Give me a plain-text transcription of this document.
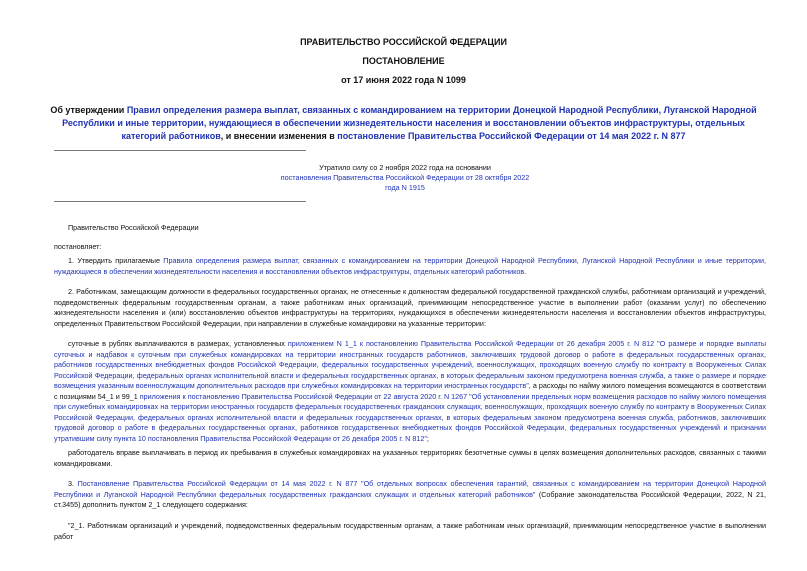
ПРАВИТЕЛЬСТВО РОССИЙСКОЙ ФЕДЕРАЦИИ
ПОСТАНОВЛЕНИЕ
от 17 июня 2022 года N 1099
Об утверждении Правил определения размера выплат, связанных с командированием на территории Донецкой Народной Республики, Луганской Народной Республики и иные территории, нуждающиеся в обеспечении жизнедеятельности населения и восстановлении объектов инфраструктуры, отдельных категорий работников, и внесении изменения в постановление Правительства Российской Федерации от 14 мая 2022 г. N 877
Утратило силу со 2 ноября 2022 года на основании
постановления Правительства Российской Федерации от 28 октября 2022 года N 1915
Правительство Российской Федерации
постановляет:
1. Утвердить прилагаемые Правила определения размера выплат, связанных с командированием на территории Донецкой Народной Республики, Луганской Народной Республики и иные территории, нуждающиеся в обеспечении жизнедеятельности населения и восстановлении объектов инфраструктуры, отдельных категорий работников.
2. Работникам, замещающим должности в федеральных государственных органах, не отнесенные к должностям федеральной государственной гражданской службы, работникам организаций и учреждений, подведомственных федеральным государственным органам, а также работникам иных организаций, принимающим непосредственное участие в выполнении работ (оказании услуг) по обеспечению жизнедеятельности населения и (или) восстановлению объектов инфраструктуры на территориях, нуждающихся в обеспечении жизнедеятельности населения и восстановлении объектов инфраструктуры, определенных Правительством Российской Федерации, при направлении в служебные командировки на указанные территории:
суточные в рублях выплачиваются в размерах, установленных приложением N 1_1 к постановлению Правительства Российской Федерации от 26 декабря 2005 г. N 812 "О размере и порядке выплаты суточных и надбавок к суточным при служебных командировках на территории иностранных государств работников, заключивших трудовой договор о работе в федеральных государственных органах, работников государственных внебюджетных фондов Российской Федерации, федеральных государственных учреждений, военнослужащих, проходящих военную службу по контракту в Вооруженных Силах Российской Федерации, федеральных органах исполнительной власти и федеральных государственных органах, в которых федеральным законом предусмотрена военная служба, а также о размере и порядке возмещения указанным военнослужащим дополнительных расходов при служебных командировках на территории иностранных государств", а расходы по найму жилого помещения возмещаются в соответствии с позициями 54_1 и 99_1 приложения к постановлению Правительства Российской Федерации от 22 августа 2020 г. N 1267 "Об установлении предельных норм возмещения расходов по найму жилого помещения при служебных командировках на территории иностранных государств федеральных государственных гражданских служащих, военнослужащих, проходящих военную службу по контракту в Вооруженных Силах Российской Федерации, федеральных органах исполнительной власти и федеральных государственных органах, в которых федеральным законом предусмотрена военная служба, работников, заключивших трудовой договор о работе в федеральных государственных органах, работников государственных внебюджетных фондов Российской Федерации, федеральных государственных учреждений и признании утратившим силу пункта 10 постановления Правительства Российской Федерации от 26 декабря 2005 г. N 812";
работодатель вправе выплачивать в период их пребывания в служебных командировках на указанных территориях безотчетные суммы в целях возмещения дополнительных расходов, связанных с такими командировками.
3. Постановление Правительства Российской Федерации от 14 мая 2022 г. N 877 "Об отдельных вопросах обеспечения гарантий, связанных с командированием на территории Донецкой Народной Республики и Луганской Народной Республики федеральных государственных гражданских служащих и отдельных категорий работников" (Собрание законодательства Российской Федерации, 2022, N 21, ст.3455) дополнить пунктом 2_1 следующего содержания:
"2_1. Работникам организаций и учреждений, подведомственных федеральным государственным органам, а также работникам иных организаций, принимающим непосредственное участие в выполнении работ
